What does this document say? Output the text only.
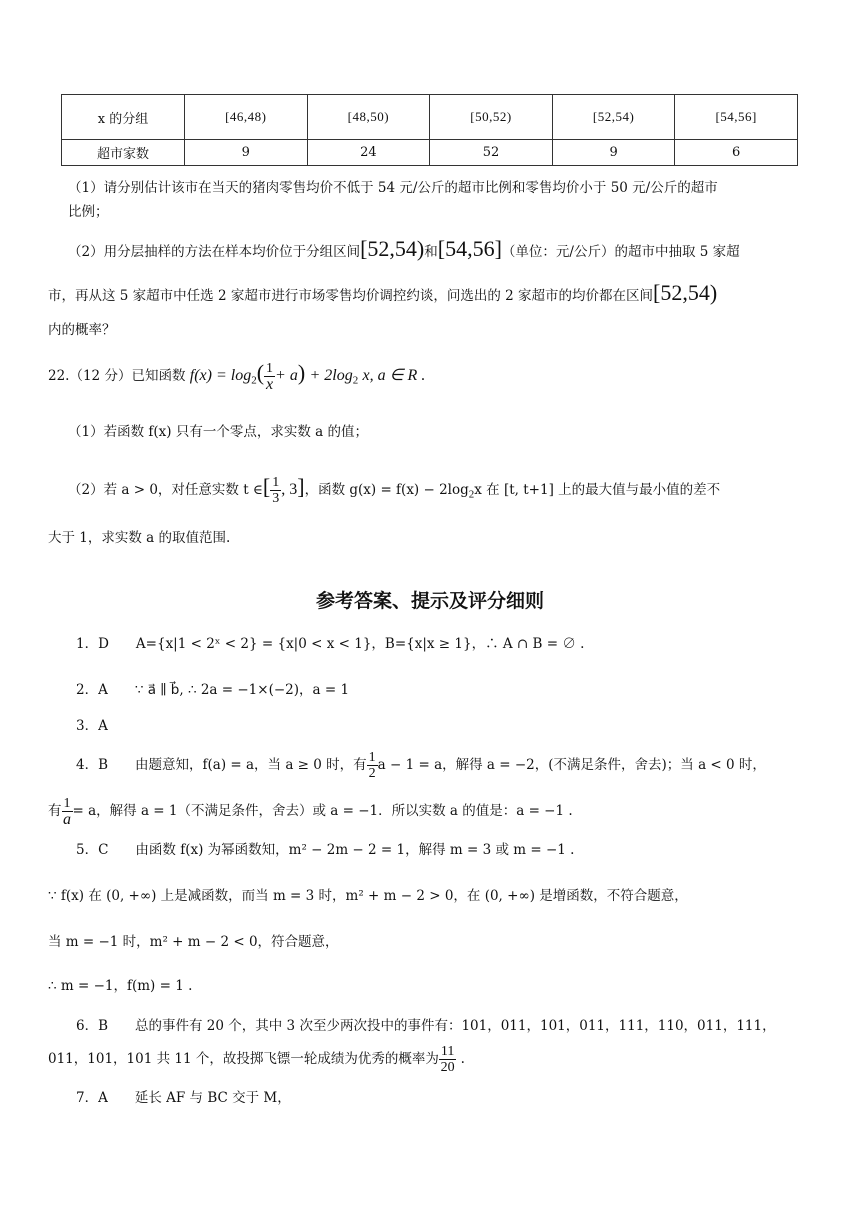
x 的分组	[46,48)	[48,50)	[50,52)	[52,54)	[54,56]
超市家数	9	24	52	9	6
（1）请分别估计该市在当天的猪肉零售均价不低于 54 元/公斤的超市比例和零售均价小于 50 元/公斤的超市
比例；
（2）用分层抽样的方法在样本均价位于分组区间[52,54)和[54,56]（单位：元/公斤）的超市中抽取 5 家超
市，再从这 5 家超市中任选 2 家超市进行市场零售均价调控约谈，问选出的 2 家超市的均价都在区间[52,54)
内的概率？
22.（12 分）已知函数 $f(x) = \log_2( \frac{1}{x} + a) + 2\log_2$ x, a ∈ R .
（1）若函数 f(x) 只有一个零点，求实数 a 的值；
（2）若 a > 0，对任意实数 t ∈[ $\frac{1}{3}$ , 3]，函数 $g(x) = f(x) - 2\log_2x$ 在 [t, t+1] 上的最大值与最小值的差不
大于 1，求实数 a 的取值范围.
参考答案、提示及评分细则
1．D　　A={x|1 < 2ˣ < 2} = {x|0 < x < 1}，B={x|x ≥ 1}，∴ A ∩ B = ∅ .
2．A　　∵ a⃗ ∥ b⃗, ∴ 2a = −1×(−2)，a = 1
3．A
4．B　　由题意知，f(a) = a，当 a ≥ 0 时，有 $\frac{1}{2}$ a − 1 = a，解得 a = −2，(不满足条件，舍去)；当 a < 0 时，
有 $\frac{1}{a} = a$，解得 a = 1（不满足条件，舍去）或 a = −1．所以实数 a 的值是：a = −1 .
5．C　　由函数 f(x) 为幂函数知，m² − 2m − 2 = 1，解得 m = 3 或 m = −1 .
∵ f(x) 在 (0, +∞) 上是减函数，而当 m = 3 时，m² + m − 2 > 0，在 (0, +∞) 是增函数，不符合题意，
当 m = −1 时，m² + m − 2 < 0，符合题意，
∴ m = −1，f(m) = 1 .
6．B　　总的事件有 20 个，其中 3 次至少两次投中的事件有：101，011，101，011，111，110，011，111，
011，101，101 共 11 个，故投掷飞镖一轮成绩为优秀的概率为 $\frac{11}{20}$ .
7．A　　延长 AF 与 BC 交于 M，
